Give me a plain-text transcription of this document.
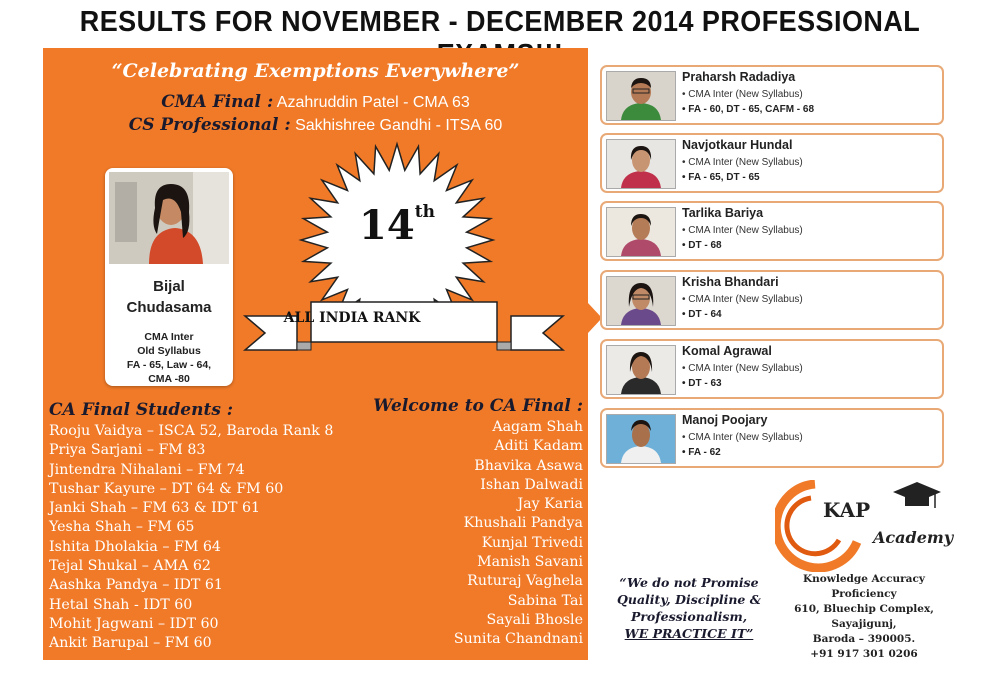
RESULTS FOR NOVEMBER - DECEMBER 2014 PROFESSIONAL
“Celebrating Exemptions Everywhere”
CMA Final : Azahruddin Patel - CMA 63
CS Professional : Sakhishree Gandhi - ITSA 60
Bijal
Chudasama
CMA Inter
Old Syllabus
FA - 65, Law - 64,
CMA -80
14th
ALL INDIA RANK
CA Final Students :
Rooju Vaidya – ISCA 52, Baroda Rank 8
Priya Sarjani – FM 83
Jintendra Nihalani – FM 74
Tushar Kayure – DT 64 & FM 60
Janki Shah – FM 63 & IDT 61
Yesha Shah – FM 65
Ishita Dholakia – FM 64
Tejal Shukal – AMA 62
Aashka Pandya – IDT 61
Hetal Shah - IDT 60
Mohit Jagwani – IDT 60
Ankit Barupal – FM 60
Welcome to CA Final :
Aagam Shah
Aditi Kadam
Bhavika Asawa
Ishan Dalwadi
Jay Karia
Khushali Pandya
Kunjal Trivedi
Manish Savani
Ruturaj Vaghela
Sabina Tai
Sayali Bhosle
Sunita Chandnani
Praharsh Radadiya
• CMA Inter (New Syllabus)
• FA - 60, DT - 65, CAFM - 68
Navjotkaur Hundal
• CMA Inter (New Syllabus)
• FA - 65, DT - 65
Tarlika Bariya
• CMA Inter (New Syllabus)
• DT - 68
Krisha Bhandari
• CMA Inter (New Syllabus)
• DT - 64
Komal Agrawal
• CMA Inter (New Syllabus)
• DT - 63
Manoj Poojary
• CMA Inter (New Syllabus)
• FA - 62
“We do not Promise
Quality, Discipline &
Professionalism,
WE PRACTICE IT”
KAP
Academy
Knowledge Accuracy Proficiency
610, Bluechip Complex,
Sayajigunj,
Baroda – 390005.
+91 917 301 0206
